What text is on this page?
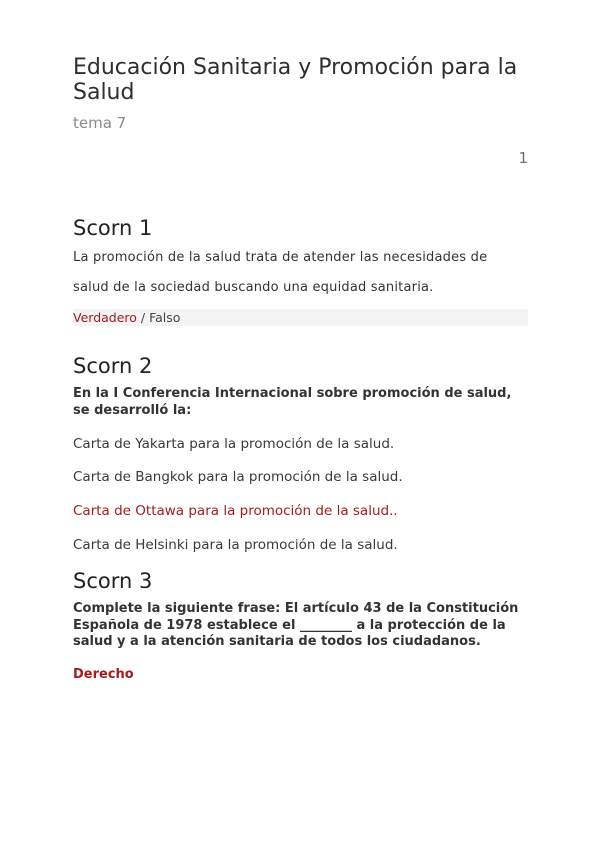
Educación Sanitaria y Promoción para la Salud
tema 7
1
Scorn 1
La promoción de la salud trata de atender las necesidades de
salud de la sociedad buscando una equidad sanitaria.
Verdadero / Falso
Scorn 2
En la I Conferencia Internacional sobre promoción de salud, se desarrolló la:
Carta de Yakarta para la promoción de la salud.
Carta de Bangkok para la promoción de la salud.
Carta de Ottawa para la promoción de la salud..
Carta de Helsinki para la promoción de la salud.
Scorn 3
Complete la siguiente frase: El artículo 43 de la Constitución Española de 1978 establece el ________ a la protección de la salud y a la atención sanitaria de todos los ciudadanos.
Derecho
